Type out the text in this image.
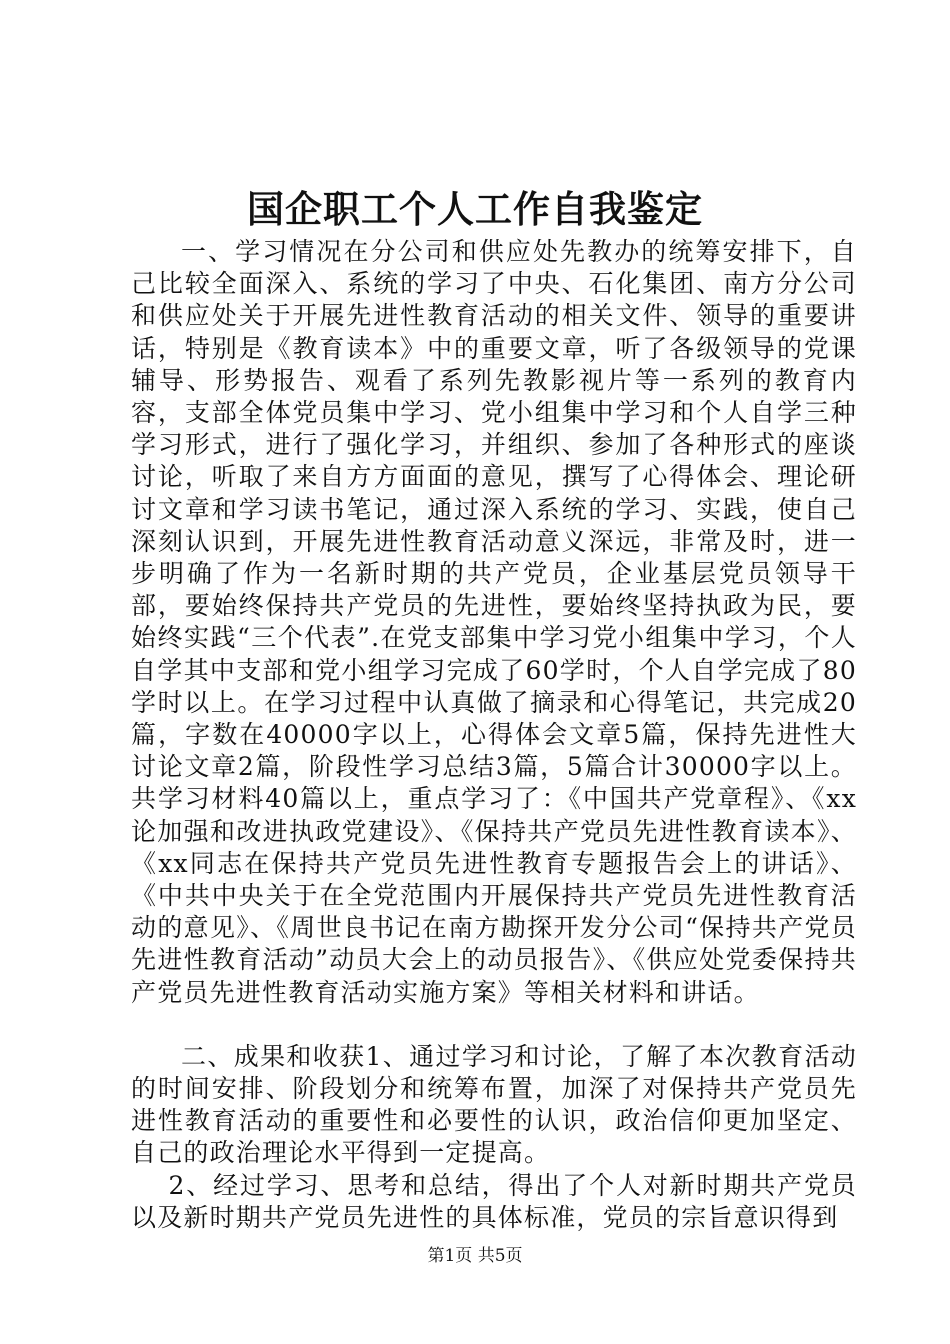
国企职工个人工作自我鉴定

一、学习情况在分公司和供应处先教办的统筹安排下，自己比较全面深入、系统的学习了中央、石化集团、南方分公司和供应处关于开展先进性教育活动的相关文件、领导的重要讲话，特别是《教育读本》中的重要文章，听了各级领导的党课辅导、形势报告、观看了系列先教影视片等一系列的教育内容，支部全体党员集中学习、党小组集中学习和个人自学三种学习形式，进行了强化学习，并组织、参加了各种形式的座谈讨论，听取了来自方方面面的意见，撰写了心得体会、理论研讨文章和学习读书笔记，通过深入系统的学习、实践，使自己深刻认识到，开展先进性教育活动意义深远，非常及时，进一步明确了作为一名新时期的共产党员，企业基层党员领导干部，要始终保持共产党员的先进性，要始终坚持执政为民，要始终实践“三个代表”.在党支部集中学习党小组集中学习，个人自学其中支部和党小组学习完成了60学时，个人自学完成了80学时以上。在学习过程中认真做了摘录和心得笔记，共完成20篇，字数在40000字以上，心得体会文章5篇，保持先进性大讨论文章2篇，阶段性学习总结3篇，5篇合计30000字以上。共学习材料40篇以上，重点学习了：《中国共产党章程》、《xx论加强和改进执政党建设》、《保持共产党员先进性教育读本》、《xx同志在保持共产党员先进性教育专题报告会上的讲话》、《中共中央关于在全党范围内开展保持共产党员先进性教育活动的意见》、《周世良书记在南方勘探开发分公司“保持共产党员先进性教育活动”动员大会上的动员报告》、《供应处党委保持共产党员先进性教育活动实施方案》等相关材料和讲话。

二、成果和收获1、通过学习和讨论，了解了本次教育活动的时间安排、阶段划分和统筹布置，加深了对保持共产党员先进性教育活动的重要性和必要性的认识，政治信仰更加坚定、自己的政治理论水平得到一定提高。

2、经过学习、思考和总结，得出了个人对新时期共产党员以及新时期共产党员先进性的具体标准，党员的宗旨意识得到

第1页 共5页
